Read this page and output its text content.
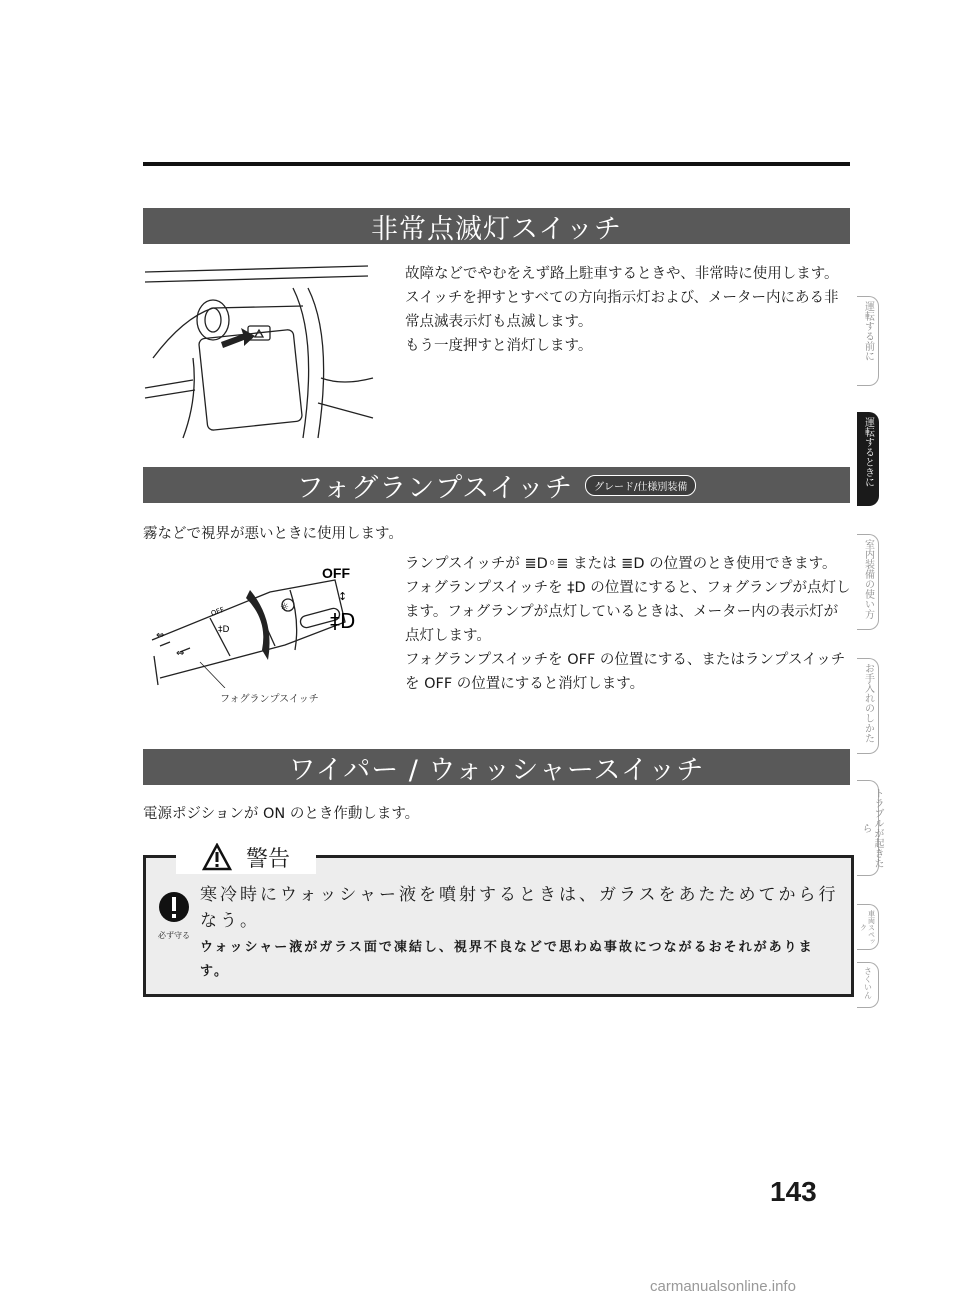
非常点滅灯スイッチ

故障などでやむをえず路上駐車するときや、非常時に使用します。

スイッチを押すとすべての方向指示灯および、メーター内にある非常点滅表示灯も点滅します。

もう一度押すと消灯します。

フォグランプスイッチ	グレード/仕様別装備

霧などで視界が悪いときに使用します。

OFF
‡D
☼
⇔
⇔
OFF
↕
‡D
フォグランプスイッチ

ランプスイッチが ≣D◦≣ または ≣D の位置のとき使用できます。

フォグランプスイッチを ‡D の位置にすると、フォグランプが点灯します。フォグランプが点灯しているときは、メーター内の表示灯が点灯します。

フォグランプスイッチを OFF の位置にする、またはランプスイッチを OFF の位置にすると消灯します。

ワイパー / ウォッシャースイッチ

電源ポジションが ON のとき作動します。

警告
必ず守る
寒冷時にウォッシャー液を噴射するときは、ガラスをあたためてから行なう。
ウォッシャー液がガラス面で凍結し、視界不良などで思わぬ事故につながるおそれがあります。
143
運転する前に
運転するときに
室内装備の使い方
お手入れのしかた
トラブルが起きたら
車両スペック
さくいん
carmanualsonline.info
